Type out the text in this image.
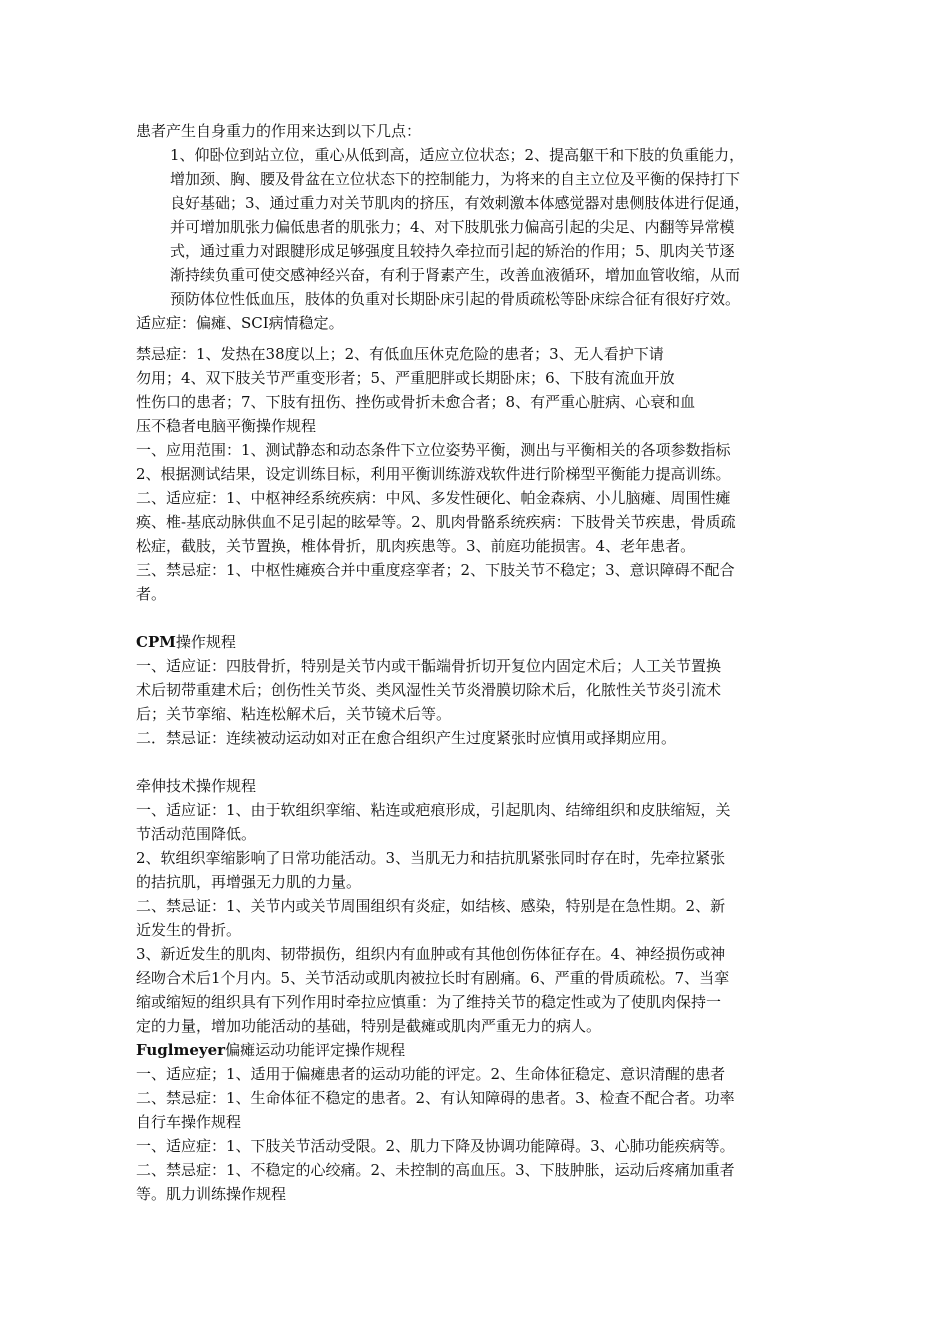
患者产生自身重力的作用来达到以下几点：
1、仰卧位到站立位，重心从低到高，适应立位状态；2、提高躯干和下肢的负重能力，
增加颈、胸、腰及骨盆在立位状态下的控制能力，为将来的自主立位及平衡的保持打下
良好基础；3、通过重力对关节肌肉的挤压，有效刺激本体感觉器对患侧肢体进行促通，
并可增加肌张力偏低患者的肌张力；4、对下肢肌张力偏高引起的尖足、内翻等异常模
式，通过重力对跟腱形成足够强度且较持久牵拉而引起的矫治的作用；5、肌肉关节逐
渐持续负重可使交感神经兴奋，有利于肾素产生，改善血液循环，增加血管收缩，从而
预防体位性低血压，肢体的负重对长期卧床引起的骨质疏松等卧床综合征有很好疗效。
适应症：偏瘫、SCI病情稳定。
禁忌症：1、发热在38度以上；2、有低血压休克危险的患者；3、无人看护下请
勿用；4、双下肢关节严重变形者；5、严重肥胖或长期卧床；6、下肢有流血开放
性伤口的患者；7、下肢有扭伤、挫伤或骨折未愈合者；8、有严重心脏病、心衰和血
压不稳者电脑平衡操作规程
一、应用范围：1、测试静态和动态条件下立位姿势平衡，测出与平衡相关的各项参数指标
2、根据测试结果，设定训练目标，利用平衡训练游戏软件进行阶梯型平衡能力提高训练。
二、适应症：1、中枢神经系统疾病：中风、多发性硬化、帕金森病、小儿脑瘫、周围性瘫
痪、椎-基底动脉供血不足引起的眩晕等。2、肌肉骨骼系统疾病：下肢骨关节疾患，骨质疏
松症，截肢，关节置换，椎体骨折，肌肉疾患等。3、前庭功能损害。4、老年患者。
三、禁忌症：1、中枢性瘫痪合并中重度痉挛者；2、下肢关节不稳定；3、意识障碍不配合
者。
CPM操作规程
一、适应证：四肢骨折，特别是关节内或干骺端骨折切开复位内固定术后；人工关节置换
术后韧带重建术后；创伤性关节炎、类风湿性关节炎滑膜切除术后，化脓性关节炎引流术
后；关节挛缩、粘连松解术后，关节镜术后等。
二．禁忌证：连续被动运动如对正在愈合组织产生过度紧张时应慎用或择期应用。
牵伸技术操作规程
一、适应证：1、由于软组织挛缩、粘连或疤痕形成，引起肌肉、结缔组织和皮肤缩短，关
节活动范围降低。
2、软组织挛缩影响了日常功能活动。3、当肌无力和拮抗肌紧张同时存在时，先牵拉紧张
的拮抗肌，再增强无力肌的力量。
二、禁忌证：1、关节内或关节周围组织有炎症，如结核、感染，特别是在急性期。2、新
近发生的骨折。
3、新近发生的肌肉、韧带损伤，组织内有血肿或有其他创伤体征存在。4、神经损伤或神
经吻合术后1个月内。5、关节活动或肌肉被拉长时有剧痛。6、严重的骨质疏松。7、当挛
缩或缩短的组织具有下列作用时牵拉应慎重：为了维持关节的稳定性或为了使肌肉保持一
定的力量，增加功能活动的基础，特别是截瘫或肌肉严重无力的病人。
Fuglmeyer偏瘫运动功能评定操作规程
一、适应症；1、适用于偏瘫患者的运动功能的评定。2、生命体征稳定、意识清醒的患者
二、禁忌症：1、生命体征不稳定的患者。2、有认知障碍的患者。3、检查不配合者。功率
自行车操作规程
一、适应症：1、下肢关节活动受限。2、肌力下降及协调功能障碍。3、心肺功能疾病等。
二、禁忌症：1、不稳定的心绞痛。2、未控制的高血压。3、下肢肿胀，运动后疼痛加重者
等。肌力训练操作规程
